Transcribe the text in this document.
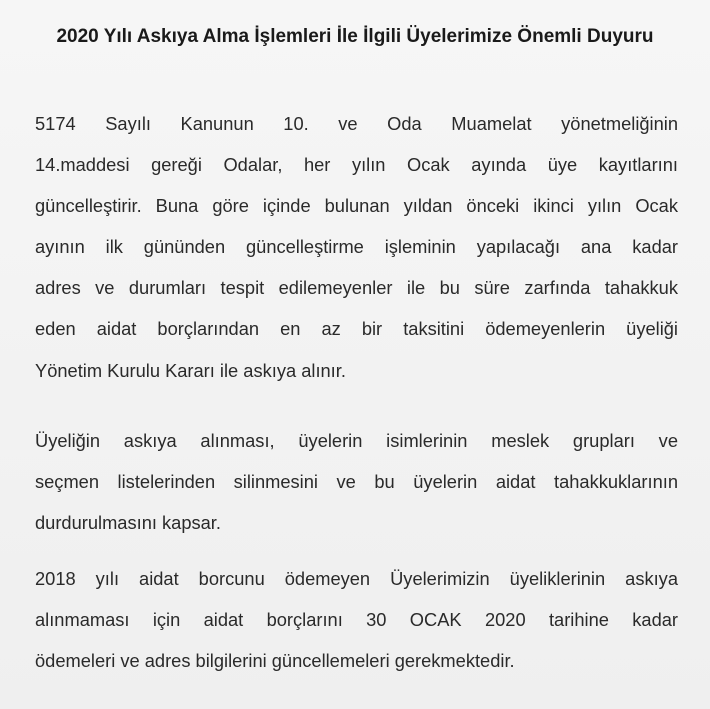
2020 Yılı Askıya Alma İşlemleri İle İlgili Üyelerimize Önemli Duyuru
5174 Sayılı Kanunun 10. ve Oda Muamelat yönetmeliğinin
14.maddesi gereği Odalar, her yılın Ocak ayında üye kayıtlarını
güncelleştirir. Buna göre içinde bulunan yıldan önceki ikinci yılın Ocak
ayının ilk gününden güncelleştirme işleminin yapılacağı ana kadar
adres ve durumları tespit edilemeyenler ile bu süre zarfında tahakkuk
eden aidat borçlarından en az bir taksitini ödemeyenlerin üyeliği
Yönetim Kurulu Kararı ile askıya alınır.
Üyeliğin askıya alınması, üyelerin isimlerinin meslek grupları ve
seçmen listelerinden silinmesini ve bu üyelerin aidat tahakkuklarının
durdurulmasını kapsar.
2018 yılı aidat borcunu ödemeyen Üyelerimizin üyeliklerinin askıya
alınmaması için aidat borçlarını 30 OCAK 2020 tarihine kadar
ödemeleri ve adres bilgilerini güncellemeleri gerekmektedir.
